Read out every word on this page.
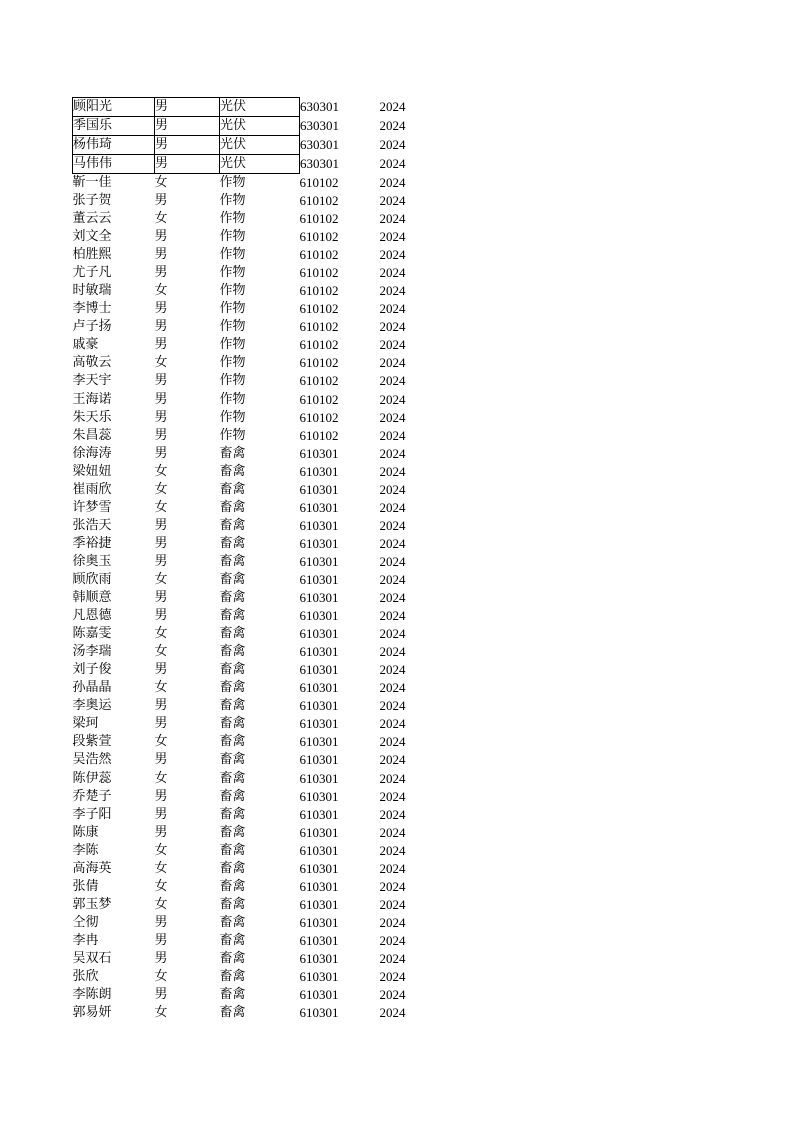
顾阳光	男	光伏	630301	2024
季国乐	男	光伏	630301	2024
杨伟琦	男	光伏	630301	2024
马伟伟	男	光伏	630301	2024
靳一佳	女	作物	610102	2024
张子贺	男	作物	610102	2024
董云云	女	作物	610102	2024
刘文全	男	作物	610102	2024
柏胜熙	男	作物	610102	2024
尤子凡	男	作物	610102	2024
时敏瑞	女	作物	610102	2024
李博士	男	作物	610102	2024
卢子扬	男	作物	610102	2024
戚豪	男	作物	610102	2024
高敬云	女	作物	610102	2024
李天宇	男	作物	610102	2024
王海诺	男	作物	610102	2024
朱天乐	男	作物	610102	2024
朱昌蕊	男	作物	610102	2024
徐海涛	男	畜禽	610301	2024
梁妞妞	女	畜禽	610301	2024
崔雨欣	女	畜禽	610301	2024
许梦雪	女	畜禽	610301	2024
张浩天	男	畜禽	610301	2024
季裕捷	男	畜禽	610301	2024
徐奥玉	男	畜禽	610301	2024
顾欣雨	女	畜禽	610301	2024
韩顺意	男	畜禽	610301	2024
凡恩德	男	畜禽	610301	2024
陈嘉雯	女	畜禽	610301	2024
汤李瑞	女	畜禽	610301	2024
刘子俊	男	畜禽	610301	2024
孙晶晶	女	畜禽	610301	2024
李奥运	男	畜禽	610301	2024
梁珂	男	畜禽	610301	2024
段紫萱	女	畜禽	610301	2024
吴浩然	男	畜禽	610301	2024
陈伊蕊	女	畜禽	610301	2024
乔楚子	男	畜禽	610301	2024
李子阳	男	畜禽	610301	2024
陈康	男	畜禽	610301	2024
李陈	女	畜禽	610301	2024
高海英	女	畜禽	610301	2024
张倩	女	畜禽	610301	2024
郭玉梦	女	畜禽	610301	2024
仝彻	男	畜禽	610301	2024
李冉	男	畜禽	610301	2024
吴双石	男	畜禽	610301	2024
张欣	女	畜禽	610301	2024
李陈朗	男	畜禽	610301	2024
郭易妍	女	畜禽	610301	2024
